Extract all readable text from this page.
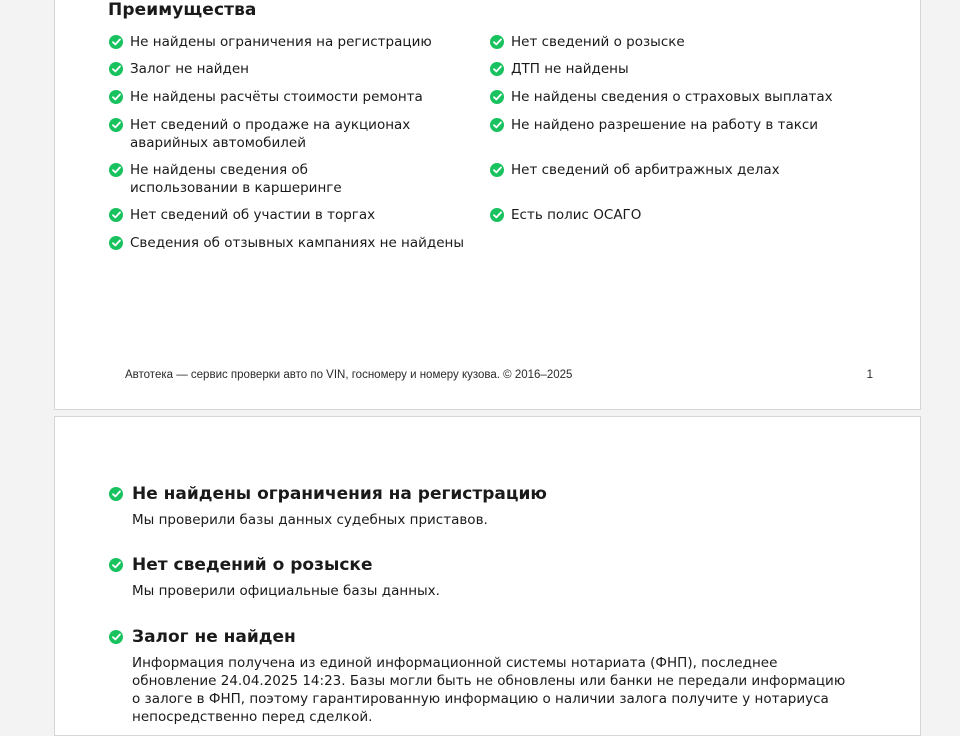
Преимущества
Не найдены ограничения на регистрацию
Залог не найден
Не найдены расчёты стоимости ремонта
Нет сведений о продаже на аукционах аварийных автомобилей
Не найдены сведения об использовании в каршеринге
Нет сведений об участии в торгах
Сведения об отзывных кампаниях не найдены
Нет сведений о розыске
ДТП не найдены
Не найдены сведения о страховых выплатах
Не найдено разрешение на работу в такси
Нет сведений об арбитражных делах
Есть полис ОСАГО
Автотека — сервис проверки авто по VIN, госномеру и номеру кузова. © 2016–2025	1
Не найдены ограничения на регистрацию
Мы проверили базы данных судебных приставов.
Нет сведений о розыске
Мы проверили официальные базы данных.
Залог не найден
Информация получена из единой информационной системы нотариата (ФНП), последнее обновление 24.04.2025 14:23. Базы могли быть не обновлены или банки не передали информацию о залоге в ФНП, поэтому гарантированную информацию о наличии залога получите у нотариуса непосредственно перед сделкой.
